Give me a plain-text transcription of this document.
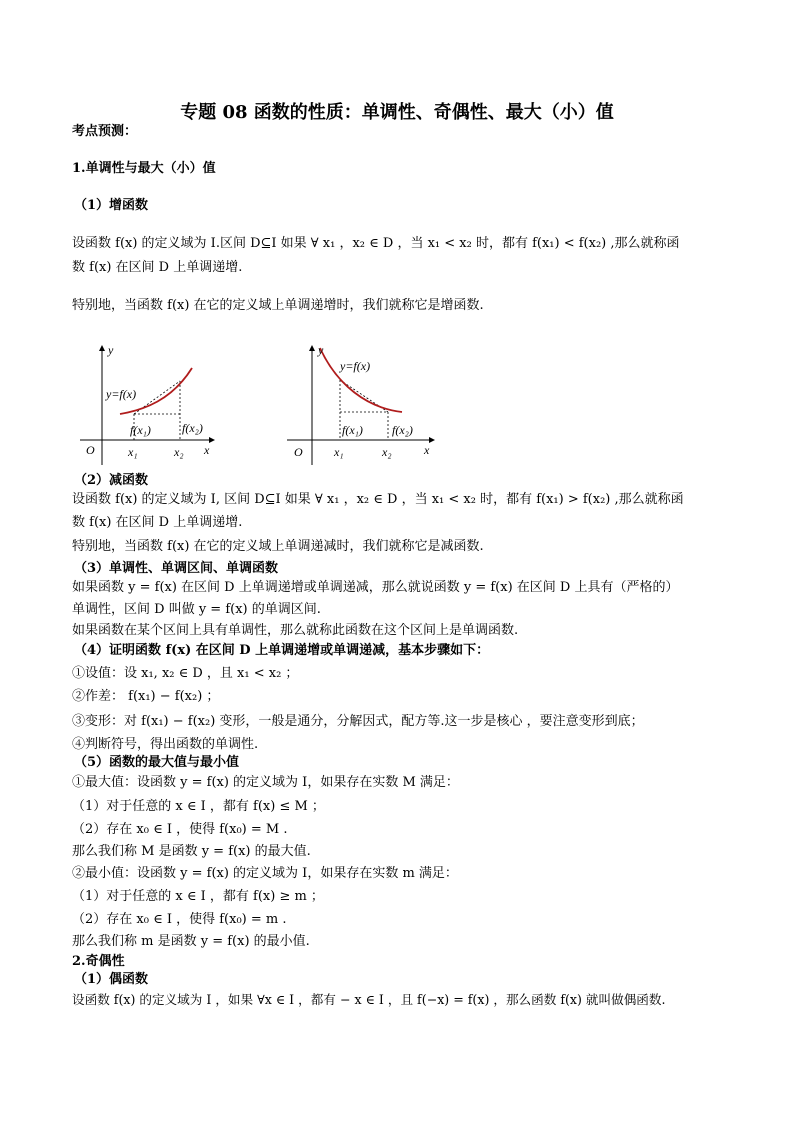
专题 08 函数的性质：单调性、奇偶性、最大（小）值
考点预测：
1.单调性与最大（小）值
（1）增函数
设函数 f(x) 的定义域为 I.区间 D⊆I 如果 ∀ x₁ ，x₂ ∈ D ，当 x₁ < x₂ 时，都有 f(x₁) < f(x₂) ,那么就称函
数 f(x) 在区间 D 上单调递增.
特别地，当函数 f(x) 在它的定义域上单调递增时，我们就称它是增函数.
y
y=f(x)
f(x₁)	f(x₂)
O	x₁	x₂ x
y
y=f(x)
f(x₁) f(x₂)
O	x₁	x₂	x
（2）减函数
设函数 f(x) 的定义域为 I, 区间 D⊆I 如果 ∀ x₁ ，x₂ ∈ D ，当 x₁ < x₂ 时，都有 f(x₁) > f(x₂) ,那么就称函
数 f(x) 在区间 D 上单调递增.
特别地，当函数 f(x) 在它的定义域上单调递减时，我们就称它是减函数.
（3）单调性、单调区间、单调函数
如果函数 y = f(x) 在区间 D 上单调递增或单调递减，那么就说函数 y = f(x) 在区间 D 上具有（严格的）
单调性，区间 D 叫做 y = f(x) 的单调区间.
如果函数在某个区间上具有单调性，那么就称此函数在这个区间上是单调函数.
（4）证明函数 f(x) 在区间 D 上单调递增或单调递减，基本步骤如下：
①设值：设 x₁, x₂ ∈ D ，且 x₁ < x₂ ；
②作差： f(x₁) − f(x₂) ；
③变形：对 f(x₁) − f(x₂) 变形，一般是通分，分解因式，配方等.这一步是核心 ，要注意变形到底；
④判断符号，得出函数的单调性.
（5）函数的最大值与最小值
①最大值：设函数 y = f(x) 的定义域为 I，如果存在实数 M 满足：
（1）对于任意的 x ∈ I ，都有 f(x) ≤ M ；
（2）存在 x₀ ∈ I ，使得 f(x₀) = M .
那么我们称 M 是函数 y = f(x) 的最大值.
②最小值：设函数 y = f(x) 的定义域为 I，如果存在实数 m 满足：
（1）对于任意的 x ∈ I ，都有 f(x) ≥ m ；
（2）存在 x₀ ∈ I ，使得 f(x₀) = m .
那么我们称 m 是函数 y = f(x) 的最小值.
2.奇偶性
（1）偶函数
设函数 f(x) 的定义域为 I ，如果 ∀x ∈ I ，都有 − x ∈ I ，且 f(−x) = f(x) ，那么函数 f(x) 就叫做偶函数.
